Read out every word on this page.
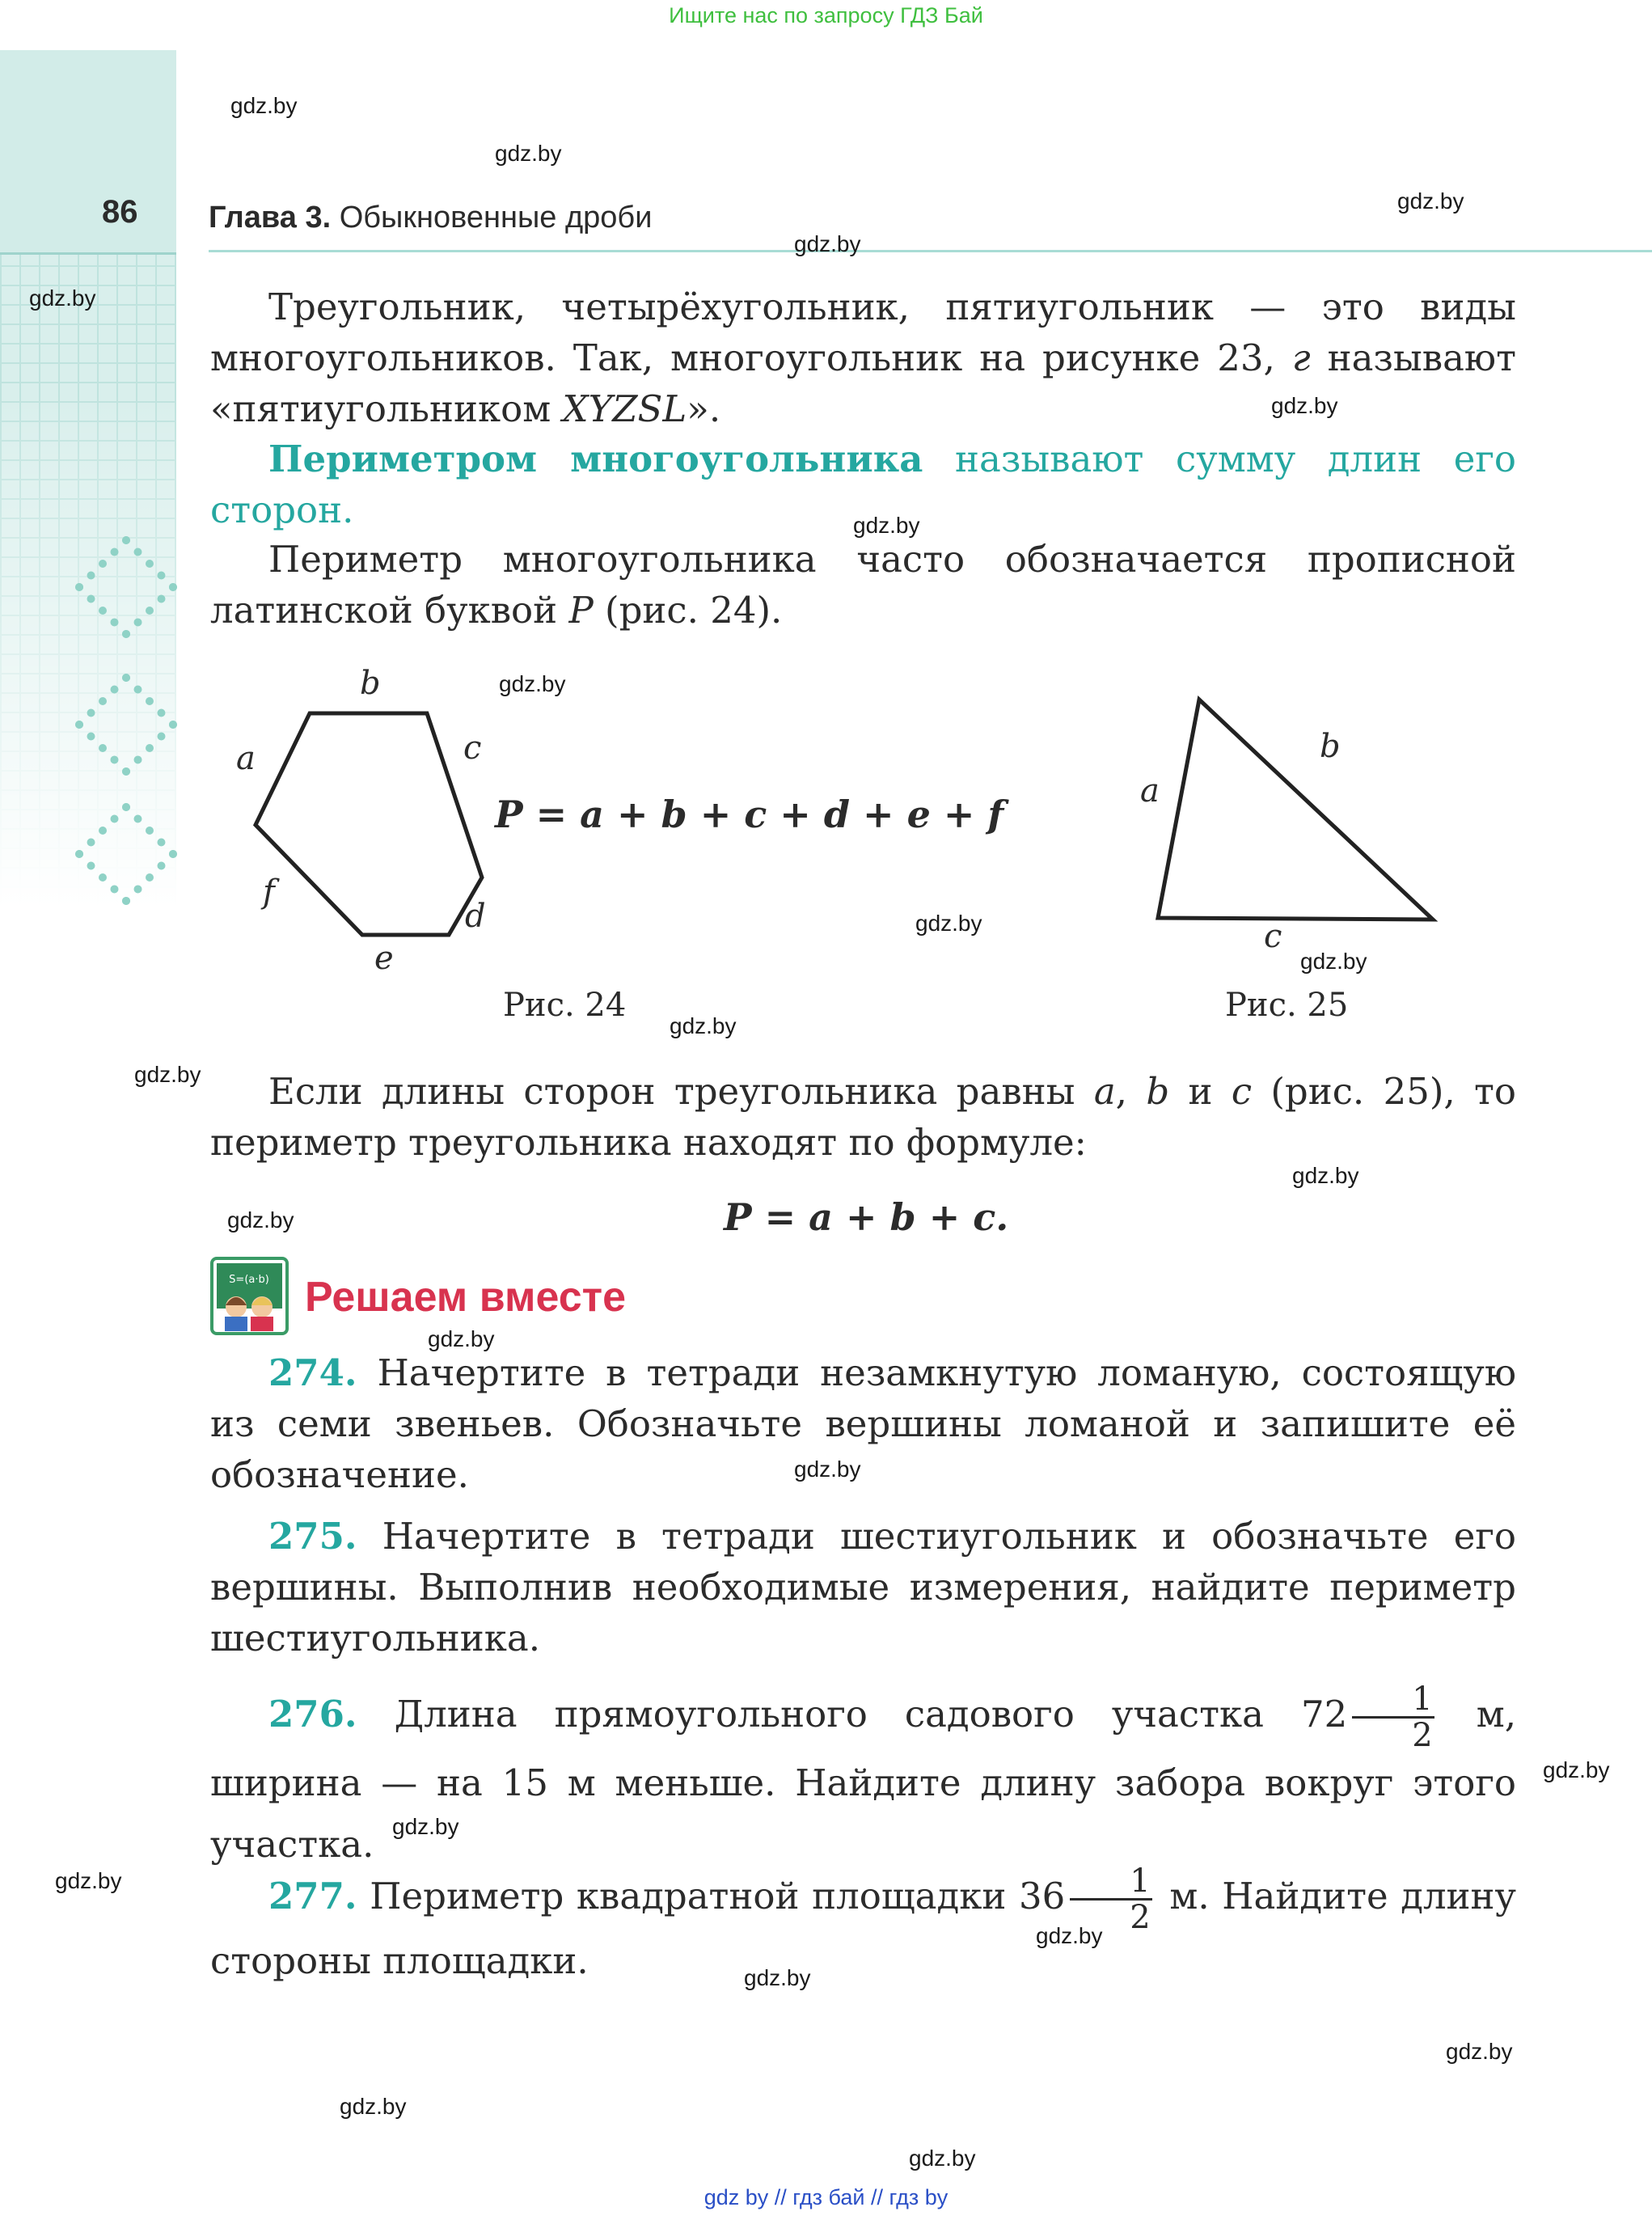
Ищите нас по запросу ГДЗ Бай
gdz by // гдз бай // гдз by
86 Глава 3. Обыкновенные дроби
Треугольник, четырёхугольник, пятиугольник — это виды многоугольников. Так, многоугольник на рисунке 23, г называют «пятиугольником XYZSL».
Периметром многоугольника называют сумму длин его сторон.
Периметр многоугольника часто обозначается прописной латинской буквой P (рис. 24).
b
a	c
f
d
e
P = a + b + c + d + e + f
Рис. 24
b
a
c
Рис. 25
Если длины сторон треугольника равны a, b и c (рис. 25), то периметр треугольника находят по формуле:
P = a + b + c.
S=(a·b) Решаем вместе
274. Начертите в тетради незамкнутую ломаную, состоящую из семи звеньев. Обозначьте вершины ломаной и запишите её обозначение.
275. Начертите в тетради шестиугольник и обозначьте его вершины. Выполнив необходимые измерения, найдите периметр шестиугольника.
276. Длина прямоугольного садового участка $72 \frac{1}{2} м$, ширина — на 15 м меньше. Найдите длину забора вокруг этого участка.
277. Периметр квадратной площадки $36 \frac{1}{2} м$. Найдите длину стороны площадки.
gdz.by
gdz.by
gdz.by
gdz.by
gdz.by
gdz.by
gdz.by
gdz.by
gdz.by
gdz.by
gdz.by
gdz.by
gdz.by
gdz.by
gdz.by
gdz.by
gdz.by
gdz.by
gdz.by
gdz.by
gdz.by
gdz.by
gdz.by
gdz.by
